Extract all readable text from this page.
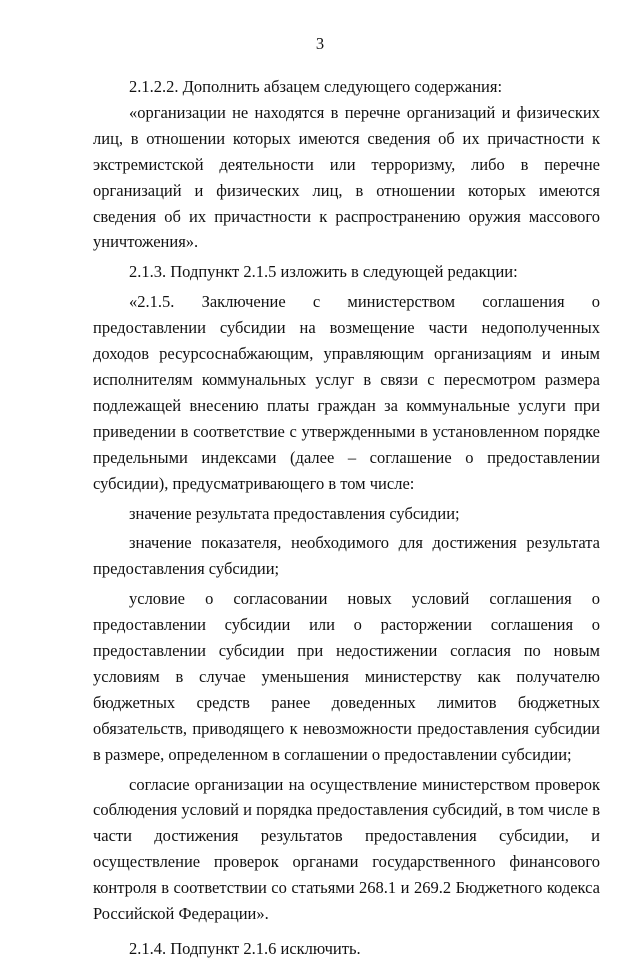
3

2.1.2.2. Дополнить абзацем следующего содержания:

«организации не находятся в перечне организаций и физических лиц, в отношении которых имеются сведения об их причастности к экстремистской деятельности или терроризму, либо в перечне организаций и физических лиц, в отношении которых имеются сведения об их причастности к распространению оружия массового уничтожения».

2.1.3. Подпункт 2.1.5 изложить в следующей редакции:

«2.1.5. Заключение с министерством соглашения о предоставлении субсидии на возмещение части недополученных доходов ресурсоснабжающим, управляющим организациям и иным исполнителям коммунальных услуг в связи с пересмотром размера подлежащей внесению платы граждан за коммунальные услуги при приведении в соответствие с утвержденными в установленном порядке предельными индексами (далее – соглашение о предоставлении субсидии), предусматривающего в том числе:

значение результата предоставления субсидии;

значение показателя, необходимого для достижения результата предоставления субсидии;

условие о согласовании новых условий соглашения о предоставлении субсидии или о расторжении соглашения о предоставлении субсидии при недостижении согласия по новым условиям в случае уменьшения министерству как получателю бюджетных средств ранее доведенных лимитов бюджетных обязательств, приводящего к невозможности предоставления субсидии в размере, определенном в соглашении о предоставлении субсидии;

согласие организации на осуществление министерством проверок соблюдения условий и порядка предоставления субсидий, в том числе в части достижения результатов предоставления субсидии, и осуществление проверок органами государственного финансового контроля в соответствии со статьями 268.1 и 269.2 Бюджетного кодекса Российской Федерации».

2.1.4. Подпункт 2.1.6 исключить.
